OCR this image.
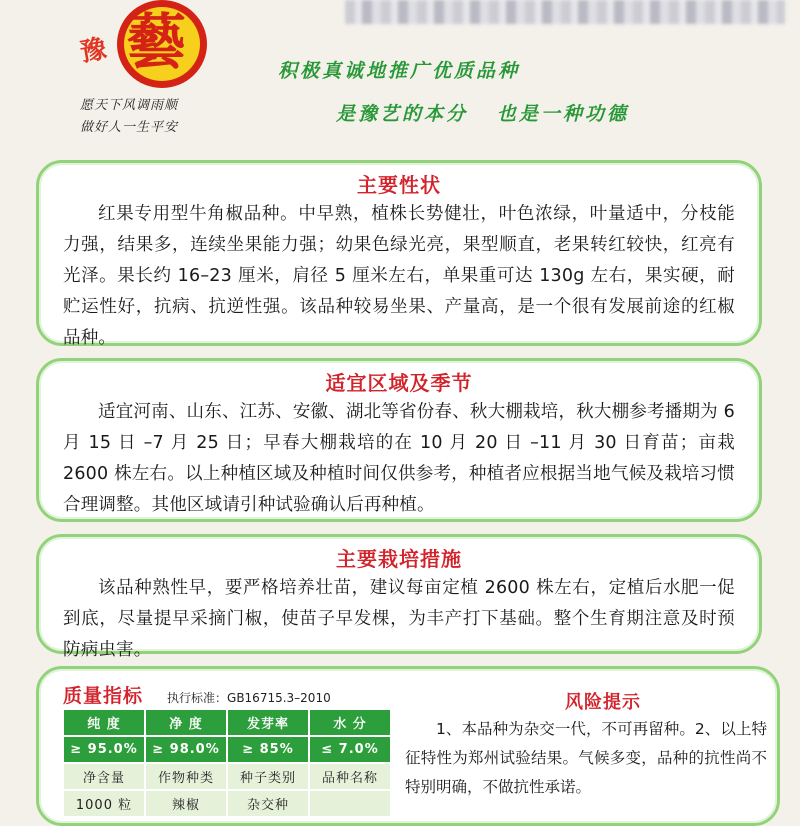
豫 藝
愿天下风调雨顺
做好人一生平安
积极真诚地推广优质品种
是豫艺的本分   也是一种功德
主要性状
红果专用型牛角椒品种。中早熟，植株长势健壮，叶色浓绿，叶量适中，分枝能力强，结果多，连续坐果能力强；幼果色绿光亮，果型顺直，老果转红较快，红亮有光泽。果长约 16–23 厘米，肩径 5 厘米左右，单果重可达 130g 左右，果实硬，耐贮运性好，抗病、抗逆性强。该品种较易坐果、产量高，是一个很有发展前途的红椒品种。
适宜区域及季节
适宜河南、山东、江苏、安徽、湖北等省份春、秋大棚栽培，秋大棚参考播期为 6 月 15 日 –7 月 25 日；早春大棚栽培的在 10 月 20 日 –11 月 30 日育苗；亩栽 2600 株左右。以上种植区域及种植时间仅供参考，种植者应根据当地气候及栽培习惯合理调整。其他区域请引种试验确认后再种植。
主要栽培措施
该品种熟性早，要严格培养壮苗，建议每亩定植 2600 株左右，定植后水肥一促到底，尽量提早采摘门椒，使苗子早发棵，为丰产打下基础。整个生育期注意及时预防病虫害。
质量指标 执行标准：GB16715.3–2010
纯 度	净 度	发芽率	水 分
≥ 95.0%	≥ 98.0%	≥ 85%	≤ 7.0%
净含量	作物种类	种子类别	品种名称
1000 粒	辣椒	杂交种
风险提示
1、本品种为杂交一代，不可再留种。2、以上特征特性为郑州试验结果。气候多变，品种的抗性尚不特别明确，不做抗性承诺。
